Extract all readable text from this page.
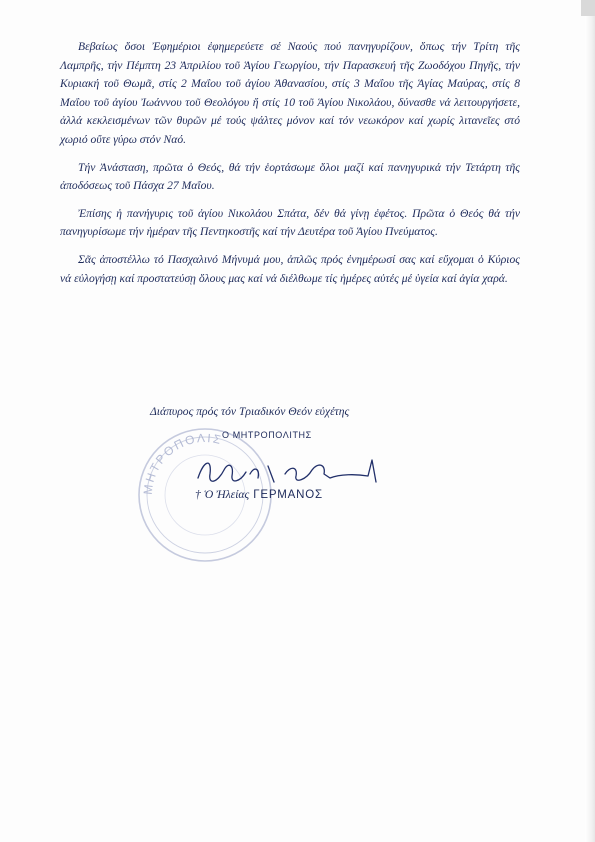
Βεβαίως ὅσοι Ἐφημέριοι ἐφημερεύετε σέ Ναούς πού πανηγυρίζουν, ὅπως τήν Τρίτη τῆς Λαμπρῆς, τήν Πέμπτη 23 Ἀπριλίου τοῦ Ἁγίου Γεωργίου, τήν Παρασκευή τῆς Ζωοδόχου Πηγῆς, τήν Κυριακή τοῦ Θωμᾶ, στίς 2 Μαΐου τοῦ ἁγίου Ἀθανασίου, στίς 3 Μαΐου τῆς Ἁγίας Μαύρας, στίς 8 Μαΐου τοῦ ἁγίου Ἰωάννου τοῦ Θεολόγου ἤ στίς 10 τοῦ Ἁγίου Νικολάου, δύνασθε νά λειτουργήσετε, ἀλλά κεκλεισμένων τῶν θυρῶν μέ τούς ψάλτες μόνον καί τόν νεωκόρον καί χωρίς λιτανεῖες στό χωριό οὔτε γύρω στόν Ναό.

Τήν Ἀνάσταση, πρῶτα ὁ Θεός, θά τήν ἑορτάσωμε ὅλοι μαζί καί πανηγυρικά τήν Τετάρτη τῆς ἀποδόσεως τοῦ Πάσχα 27 Μαΐου.

Ἐπίσης ἡ πανήγυρις τοῦ ἁγίου Νικολάου Σπάτα, δέν θά γίνῃ ἐφέτος. Πρῶτα ὁ Θεός θά τήν πανηγυρίσωμε τήν ἡμέραν τῆς Πεντηκοστῆς καί τήν Δευτέρα τοῦ Ἁγίου Πνεύματος.

Σᾶς ἀποστέλλω τό Πασχαλινό Μήνυμά μου, ἁπλῶς πρός ἐνημέρωσί σας καί εὔχομαι ὁ Κύριος νά εὐλογήσῃ καί προστατεύσῃ ὅλους μας καί νά διέλθωμε τίς ἡμέρες αὐτές μέ ὑγεία καί ἁγία χαρά.

ΜΗΤΡΟΠΟΛΙΣ
Διάπυρος πρός τόν Τριαδικόν Θεόν εὐχέτης
Ο ΜΗΤΡΟΠΟΛΙΤΗΣ
† Ὁ Ἠλείας ΓΕΡΜΑΝΟΣ
